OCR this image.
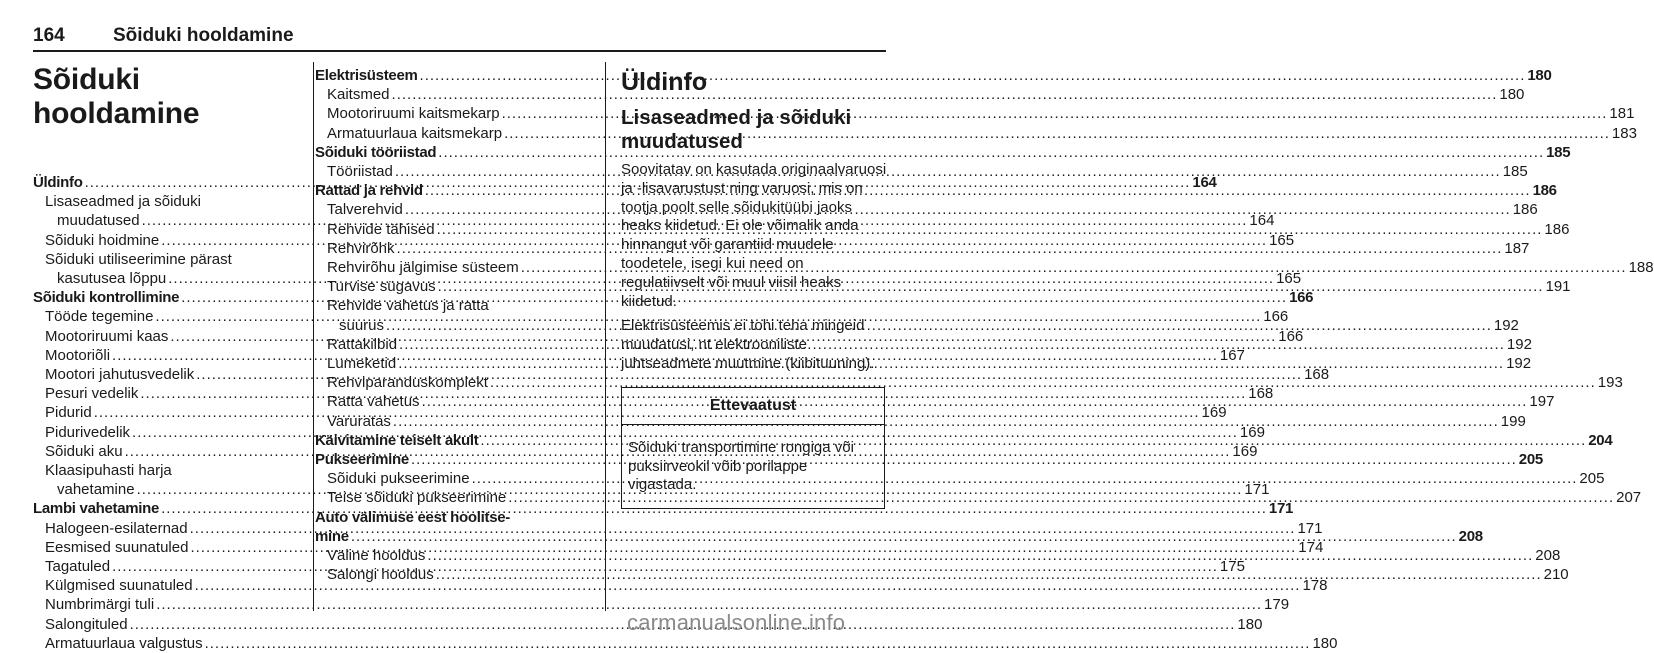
164	Sõiduki hooldamine
Sõiduki hooldamine
Üldinfo .....	164
Lisaseadmed ja sõiduki
muudatused .....	164
Sõiduki hoidmine .....	165
Sõiduki utiliseerimine pärast
kasutusea lõppu .....	165
Sõiduki kontrollimine .....	166
Tööde tegemine .....	166
Mootoriruumi kaas .....	166
Mootoriõli .....	167
Mootori jahutusvedelik .....	168
Pesuri vedelik .....	168
Pidurid .....	169
Pidurivedelik .....	169
Sõiduki aku .....	169
Klaasipuhasti harja
vahetamine .....	171
Lambi vahetamine .....	171
Halogeen-esilaternad .....	171
Eesmised suunatuled .....	174
Tagatuled .....	175
Külgmised suunatuled .....	178
Numbrimärgi tuli .....	179
Salongituled .....	180
Armatuurlaua valgustus .....	180
Elektrisüsteem .....	180
Kaitsmed .....	180
Mootoriruumi kaitsmekarp .....	181
Armatuurlaua kaitsmekarp .....	183
Sõiduki tööriistad .....	185
Tööriistad .....	185
Rattad ja rehvid .....	186
Talverehvid .....	186
Rehvide tähised .....	186
Rehvirõhk .....	187
Rehvirõhu jälgimise süsteem .....	188
Turvise sügavus .....	191
Rehvide vahetus ja ratta
suurus .....	192
Rattakilbid .....	192
Lumeketid .....	192
Rehviparanduskomplekt .....	193
Ratta vahetus .....	197
Varuratas .....	199
Käivitamine teiselt akult .....	204
Pukseerimine .....	205
Sõiduki pukseerimine .....	205
Teise sõiduki pukseerimine .....	207
Auto välimuse eest hoolitse-
mine .....	208
Väline hooldus .....	208
Salongi hooldus .....	210
Üldinfo
Lisaseadmed ja sõiduki
muudatused

Soovitatav on kasutada originaalvaruosi ja -lisavarustust ning varuosi, mis on tootja poolt selle sõidukitüübi jaoks heaks kiidetud. Ei ole võimalik anda hinnangut või garantiid muudele toodetele, isegi kui need on regulatiivselt või muul viisil heaks kiidetud.

Elektrisüsteemis ei tohi teha mingeid muudatusi, nt elektrooniliste juhtseadmete muutmine (kiibituuning).

Ettevaatust
Sõiduki transportimine rongiga või puksiirveokil võib porilappe vigastada.
carmanualsonline.info
